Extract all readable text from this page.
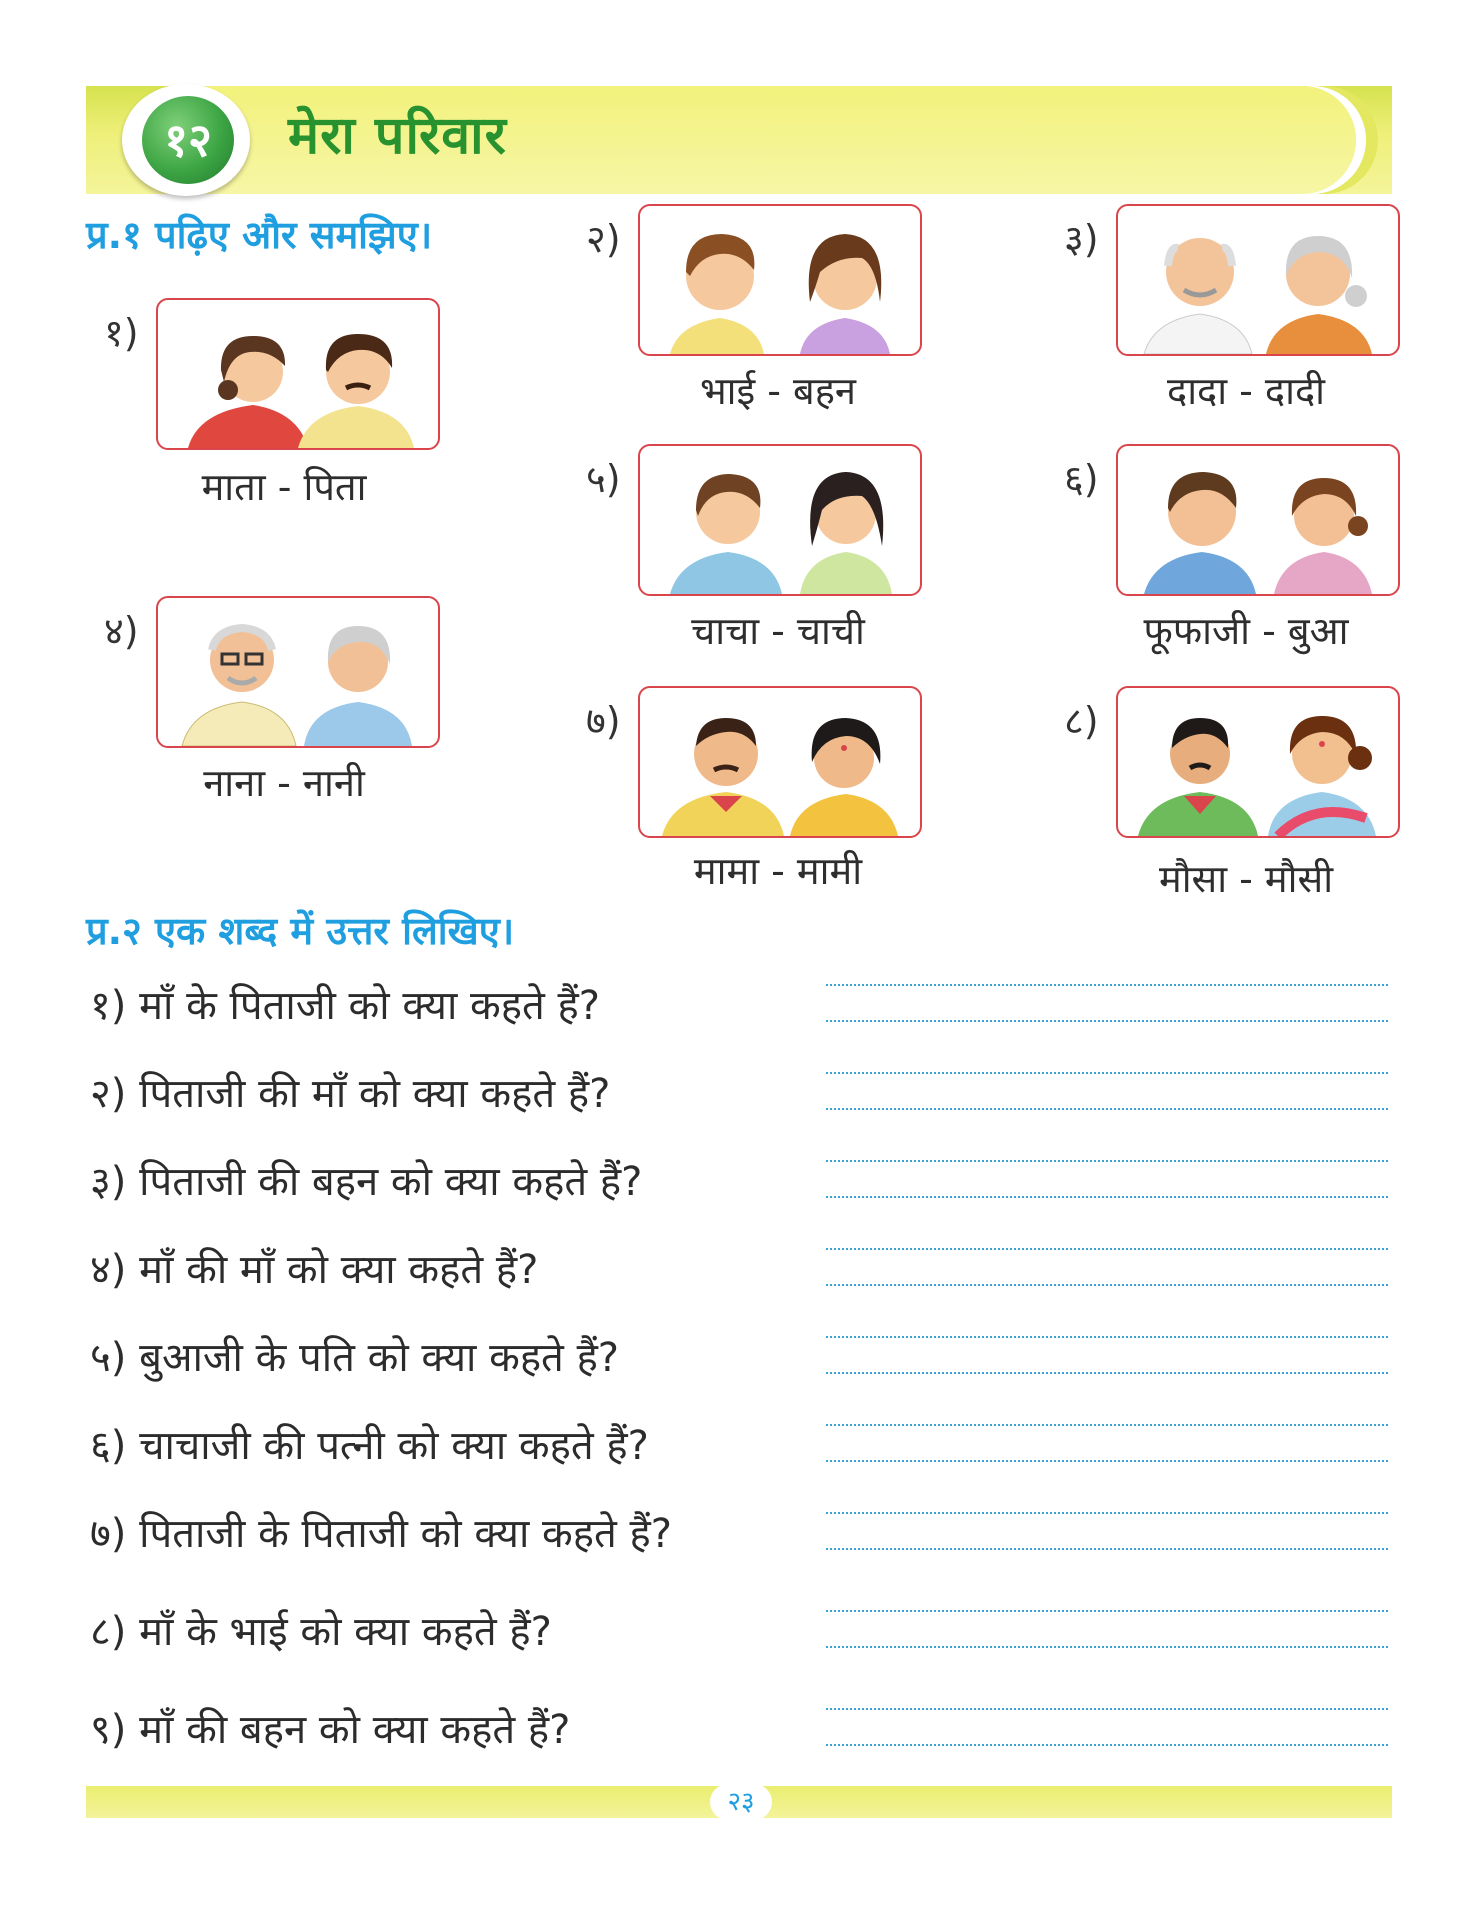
१२	मेरा परिवार
प्र.१ पढ़िए और समझिए।
१)
माता - पिता
२)
भाई - बहन
३)
दादा - दादी
४)
नाना - नानी
५)
चाचा - चाची
६)
फूफाजी - बुआ
७)
मामा - मामी
८)
मौसा - मौसी
प्र.२ एक शब्द में उत्तर लिखिए।
१) माँ के पिताजी को क्या कहते हैं?
२) पिताजी की माँ को क्या कहते हैं?
३) पिताजी की बहन को क्या कहते हैं?
४) माँ की माँ को क्या कहते हैं?
५) बुआजी के पति को क्या कहते हैं?
६) चाचाजी की पत्नी को क्या कहते हैं?
७) पिताजी के पिताजी को क्या कहते हैं?
८) माँ के भाई को क्या कहते हैं?
९) माँ की बहन को क्या कहते हैं?
२३
